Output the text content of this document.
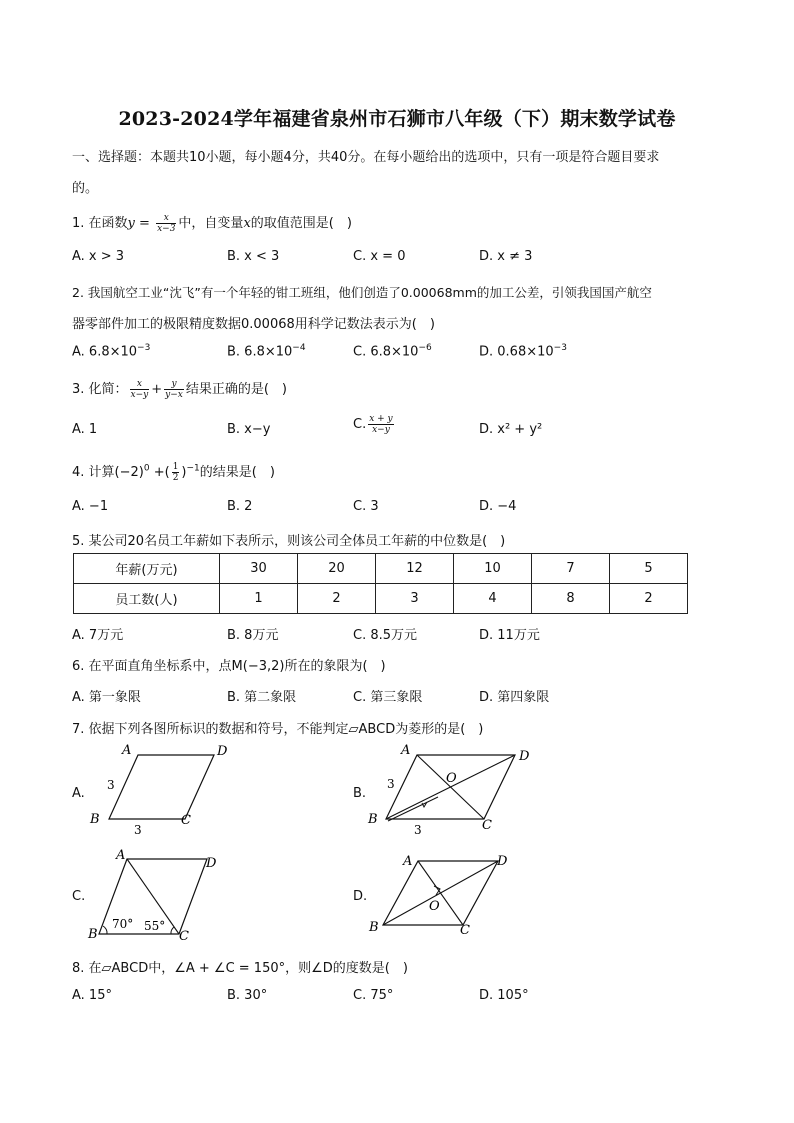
2023-2024学年福建省泉州市石狮市八年级（下）期末数学试卷
一、选择题：本题共10小题，每小题4分，共40分。在每小题给出的选项中，只有一项是符合题目要求
的。
1. 在函数$y = \frac{x}{x-3}$ 中，自变量x的取值范围是(　)
A. x > 3	B. x < 3	C. x = 0	D. x ≠ 3
2. 我国航空工业“沈飞”有一个年轻的钳工班组，他们创造了0.00068mm的加工公差，引领我国国产航空
器零部件加工的极限精度数据0.00068用科学记数法表示为(　)
A. $6.8\times 10^{-3}$	B. $6.8\times 10^{-4}$	C. $6.8\times 10^{-6}$	D. $0.68\times 10^{-3}$
3. 化简： $\frac{x}{x-y} + \frac{y}{y-x}$ 结果正确的是(　)
A. 1	B. x−y	C. $\frac{x + y}{x-y}$	D. x² + y²
4. 计算$(-2)^0$ +( $\frac{1}{2} )^{-1}$的结果是(　)
A. −1	B. 2	C. 3	D. −4
5. 某公司20名员工年薪如下表所示，则该公司全体员工年薪的中位数是(　)
年薪(万元)	30	20	12	10	7	5
员工数(人)	1	2	3	4	8	2
A. 7万元	B. 8万元	C. 8.5万元	D. 11万元
6. 在平面直角坐标系中，点M(−3,2)所在的象限为(　)
A. 第一象限	B. 第二象限	C. 第三象限	D. 第四象限
7. 依据下列各图所标识的数据和符号，不能判定▱ABCD为菱形的是(　)
A.	B.
C.	D.
A	D
B	C
3
3
A	D
B	C
O
3
3
A
D
B	C
70° 55°
A	D
B	C
O
8. 在▱ABCD中，∠A + ∠C = 150°，则∠D的度数是(　)
A. 15°	B. 30°	C. 75°	D. 105°
